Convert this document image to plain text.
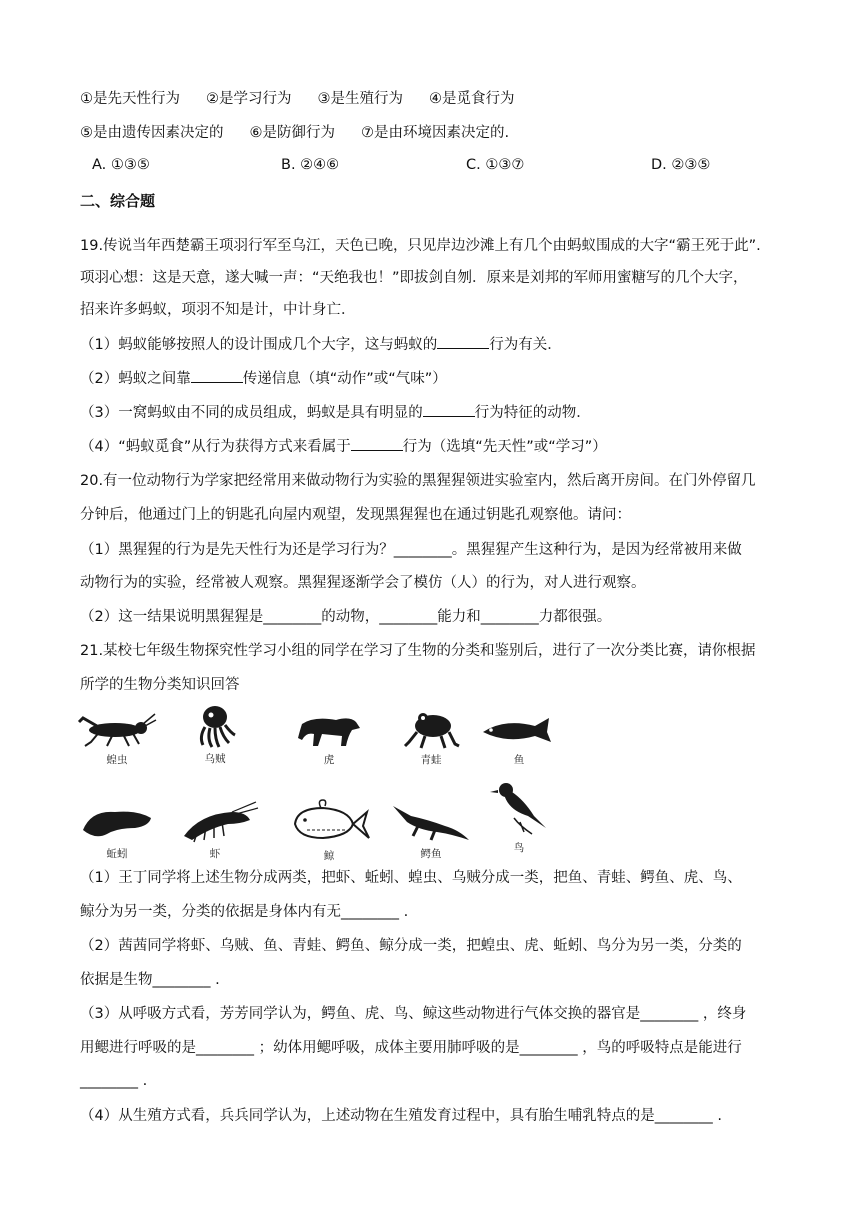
①是先天性行为 ②是学习行为 ③是生殖行为 ④是觅食行为
⑤是由遗传因素决定的 ⑥是防御行为 ⑦是由环境因素决定的.
A. ①③⑤	B. ②④⑥	C. ①③⑦	D. ②③⑤
二、综合题
19.传说当年西楚霸王项羽行军至乌江，天色已晚，只见岸边沙滩上有几个由蚂蚁围成的大字“霸王死于此”.
项羽心想：这是天意，遂大喊一声：“天绝我也！”即拔剑自刎．原来是刘邦的军师用蜜糖写的几个大字，
招来许多蚂蚁，项羽不知是计，中计身亡．
（1）蚂蚁能够按照人的设计围成几个大字，这与蚂蚁的	行为有关．
（2）蚂蚁之间靠	传递信息（填“动作”或“气味”）
（3）一窝蚂蚁由不同的成员组成，蚂蚁是具有明显的	行为特征的动物．
（4）“蚂蚁觅食”从行为获得方式来看属于	行为（选填“先天性”或“学习”）
20.有一位动物行为学家把经常用来做动物行为实验的黑猩猩领进实验室内，然后离开房间。在门外停留几
分钟后，他通过门上的钥匙孔向屋内观望，发现黑猩猩也在通过钥匙孔观察他。请问：
（1）黑猩猩的行为是先天性行为还是学习行为？________。黑猩猩产生这种行为，是因为经常被用来做
动物行为的实验，经常被人观察。黑猩猩逐渐学会了模仿（人）的行为，对人进行观察。
（2）这一结果说明黑猩猩是________的动物，________能力和________力都很强。
21.某校七年级生物探究性学习小组的同学在学习了生物的分类和鉴别后，进行了一次分类比赛，请你根据
所学的生物分类知识回答
蝗虫	乌贼	虎	青蛙	鱼
蚯蚓	虾	鲸	鳄鱼	鸟
（1）王丁同学将上述生物分成两类，把虾、蚯蚓、蝗虫、乌贼分成一类，把鱼、青蛙、鳄鱼、虎、鸟、
鲸分为另一类，分类的依据是身体内有无________ .
（2）茜茜同学将虾、乌贼、鱼、青蛙、鳄鱼、鲸分成一类，把蝗虫、虎、蚯蚓、鸟分为另一类，分类的
依据是生物________ .
（3）从呼吸方式看，芳芳同学认为，鳄鱼、虎、鸟、鲸这些动物进行气体交换的器官是________ ，终身
用鳃进行呼吸的是________ ；幼体用鳃呼吸，成体主要用肺呼吸的是________ ，鸟的呼吸特点是能进行
________ .
（4）从生殖方式看，兵兵同学认为，上述动物在生殖发育过程中，具有胎生哺乳特点的是________ .
